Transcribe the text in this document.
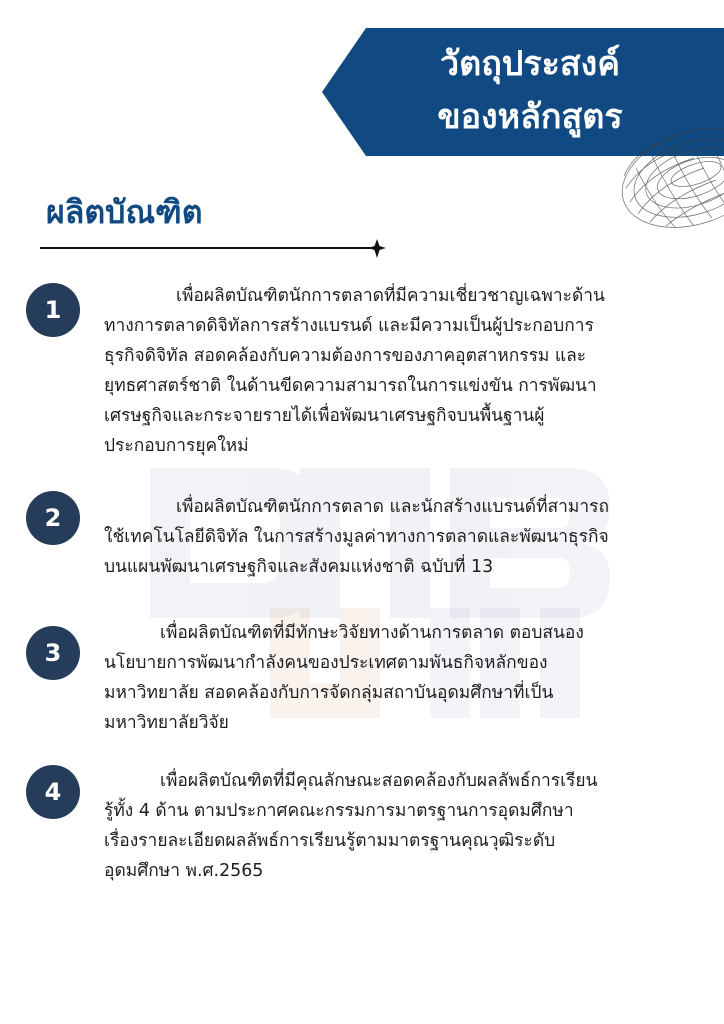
วัตถุประสงค์
ของหลักสูตร
ผลิตบัณฑิต
1	เพื่อผลิตบัณฑิตนักการตลาดที่มีความเชี่ยวชาญเฉพาะด้าน
ทางการตลาดดิจิทัลการสร้างแบรนด์ และมีความเป็นผู้ประกอบการ
ธุรกิจดิจิทัล สอดคล้องกับความต้องการของภาคอุตสาหกรรม และ
ยุทธศาสตร์ชาติ ในด้านขีดความสามารถในการแข่งขัน การพัฒนา
เศรษฐกิจและกระจายรายได้เพื่อพัฒนาเศรษฐกิจบนพื้นฐานผู้
ประกอบการยุคใหม่
2	เพื่อผลิตบัณฑิตนักการตลาด และนักสร้างแบรนด์ที่สามารถ
ใช้เทคโนโลยีดิจิทัล ในการสร้างมูลค่าทางการตลาดและพัฒนาธุรกิจ
บนแผนพัฒนาเศรษฐกิจและสังคมแห่งชาติ ฉบับที่ 13
3
เพื่อผลิตบัณฑิตที่มีทักษะวิจัยทางด้านการตลาด ตอบสนอง
นโยบายการพัฒนากำลังคนของประเทศตามพันธกิจหลักของ
มหาวิทยาลัย สอดคล้องกับการจัดกลุ่มสถาบันอุดมศึกษาที่เป็น
มหาวิทยาลัยวิจัย
4	เพื่อผลิตบัณฑิตที่มีคุณลักษณะสอดคล้องกับผลลัพธ์การเรียน
รู้ทั้ง 4 ด้าน ตามประกาศคณะกรรมการมาตรฐานการอุดมศึกษา
เรื่องรายละเอียดผลลัพธ์การเรียนรู้ตามมาตรฐานคุณวุฒิระดับ
อุดมศึกษา พ.ศ.2565
